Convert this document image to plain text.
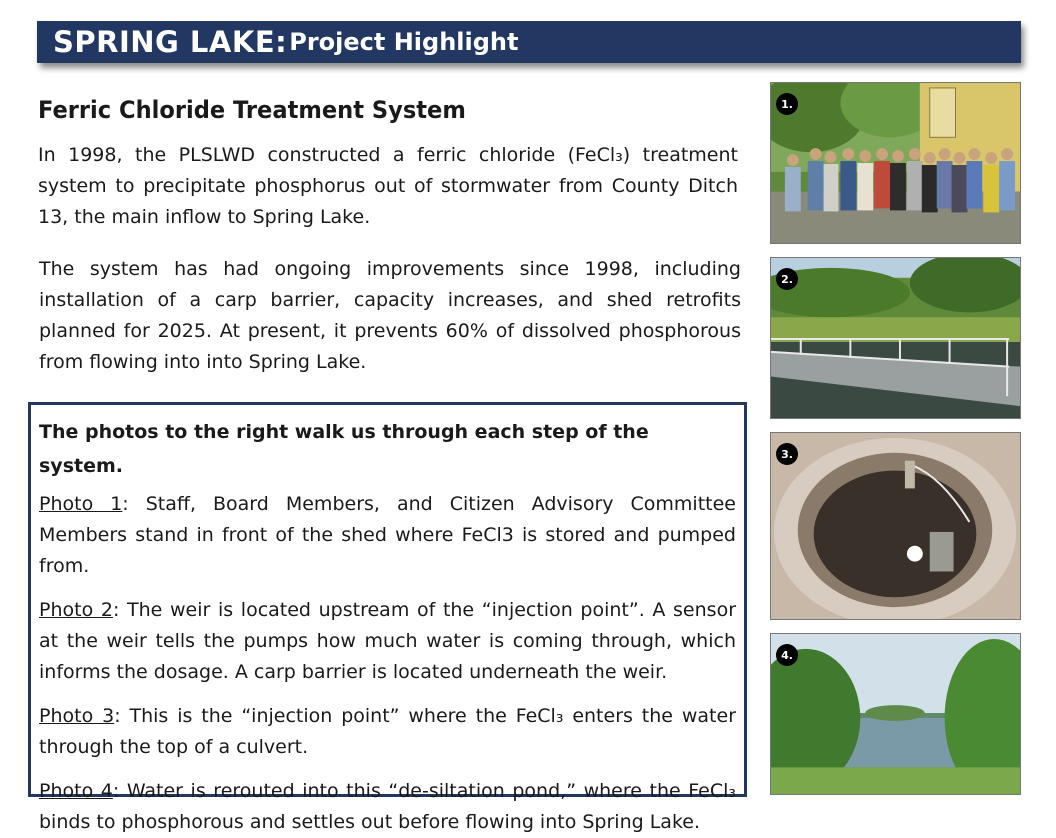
SPRING LAKE: Project Highlight
Ferric Chloride Treatment System

In 1998, the PLSLWD constructed a ferric chloride (FeCl₃) treatment system to precipitate phosphorus out of stormwater from County Ditch 13, the main inflow to Spring Lake.

The system has had ongoing improvements since 1998, including installation of a carp barrier, capacity increases, and shed retrofits planned for 2025. At present, it prevents 60% of dissolved phosphorous from flowing into into Spring Lake.

The photos to the right walk us through each step of the system.

Photo 1: Staff, Board Members, and Citizen Advisory Committee Members stand in front of the shed where FeCl3 is stored and pumped from.

Photo 2: The weir is located upstream of the “injection point”. A sensor at the weir tells the pumps how much water is coming through, which informs the dosage. A carp barrier is located underneath the weir.

Photo 3: This is the “injection point” where the FeCl₃ enters the water through the top of a culvert.

Photo 4: Water is rerouted into this “de-siltation pond,” where the FeCl₃ binds to phosphorous and settles out before flowing into Spring Lake.

1.
2.
3.
4.
